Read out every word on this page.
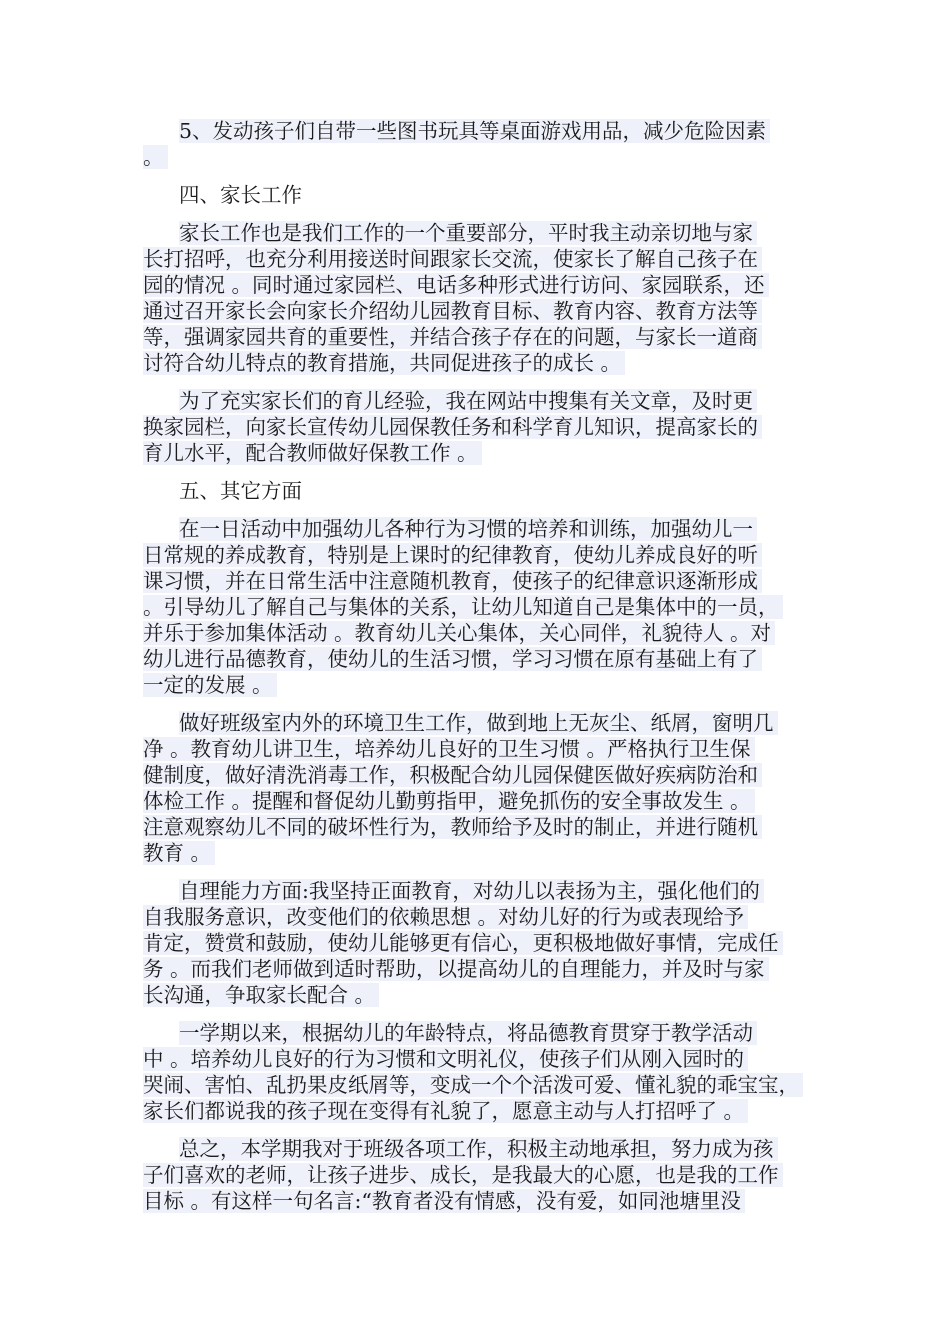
5、发动孩子们自带一些图书玩具等桌面游戏用品，减少危险因素
。
四、家长工作
家长工作也是我们工作的一个重要部分，平时我主动亲切地与家
长打招呼，也充分利用接送时间跟家长交流，使家长了解自己孩子在
园的情况 。同时通过家园栏、电话多种形式进行访问、家园联系，还
通过召开家长会向家长介绍幼儿园教育目标、教育内容、教育方法等
等，强调家园共育的重要性，并结合孩子存在的问题，与家长一道商
讨符合幼儿特点的教育措施，共同促进孩子的成长 。
为了充实家长们的育儿经验，我在网站中搜集有关文章，及时更
换家园栏，向家长宣传幼儿园保教任务和科学育儿知识，提高家长的
育儿水平，配合教师做好保教工作 。
五、其它方面
在一日活动中加强幼儿各种行为习惯的培养和训练，加强幼儿一
日常规的养成教育，特别是上课时的纪律教育，使幼儿养成良好的听
课习惯，并在日常生活中注意随机教育，使孩子的纪律意识逐渐形成
。引导幼儿了解自己与集体的关系，让幼儿知道自己是集体中的一员，
并乐于参加集体活动 。教育幼儿关心集体，关心同伴，礼貌待人 。对
幼儿进行品德教育，使幼儿的生活习惯，学习习惯在原有基础上有了
一定的发展 。
做好班级室内外的环境卫生工作，做到地上无灰尘、纸屑，窗明几
净 。教育幼儿讲卫生，培养幼儿良好的卫生习惯 。严格执行卫生保
健制度，做好清洗消毒工作，积极配合幼儿园保健医做好疾病防治和
体检工作 。提醒和督促幼儿勤剪指甲，避免抓伤的安全事故发生 。
注意观察幼儿不同的破坏性行为，教师给予及时的制止，并进行随机
教育 。
自理能力方面:我坚持正面教育，对幼儿以表扬为主，强化他们的
自我服务意识，改变他们的依赖思想 。对幼儿好的行为或表现给予
肯定，赞赏和鼓励，使幼儿能够更有信心，更积极地做好事情，完成任
务 。而我们老师做到适时帮助，以提高幼儿的自理能力，并及时与家
长沟通，争取家长配合 。
一学期以来，根据幼儿的年龄特点，将品德教育贯穿于教学活动
中 。培养幼儿良好的行为习惯和文明礼仪，使孩子们从刚入园时的
哭闹、害怕、乱扔果皮纸屑等，变成一个个活泼可爱、懂礼貌的乖宝宝，
家长们都说我的孩子现在变得有礼貌了，愿意主动与人打招呼了 。
总之，本学期我对于班级各项工作，积极主动地承担，努力成为孩
子们喜欢的老师，让孩子进步、成长，是我最大的心愿，也是我的工作
目标 。有这样一句名言:“教育者没有情感，没有爱，如同池塘里没
